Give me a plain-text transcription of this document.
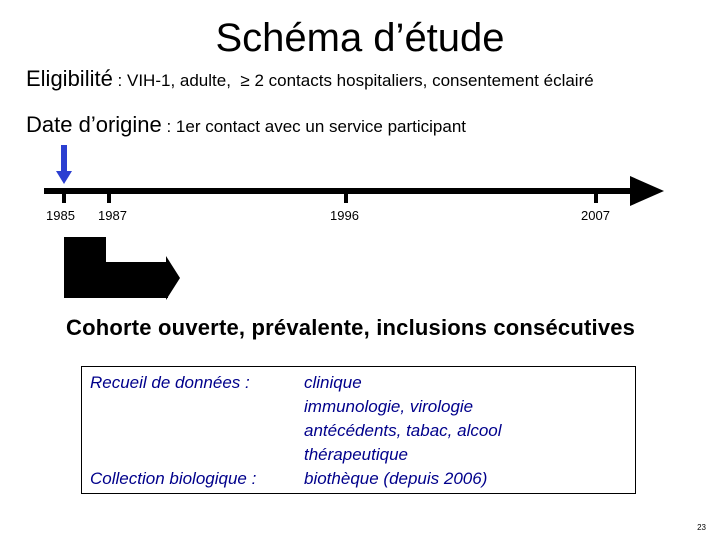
Schéma d’étude
Eligibilité : VIH-1, adulte,  ≥ 2 contacts hospitaliers, consentement éclairé
Date d’origine : 1er contact avec un service participant
1985 1987	1996	2007
Cohorte ouverte, prévalente, inclusions consécutives
Recueil de données :
Collection biologique :
clinique
immunologie, virologie
antécédents, tabac, alcool
thérapeutique
biothèque (depuis 2006)
23
